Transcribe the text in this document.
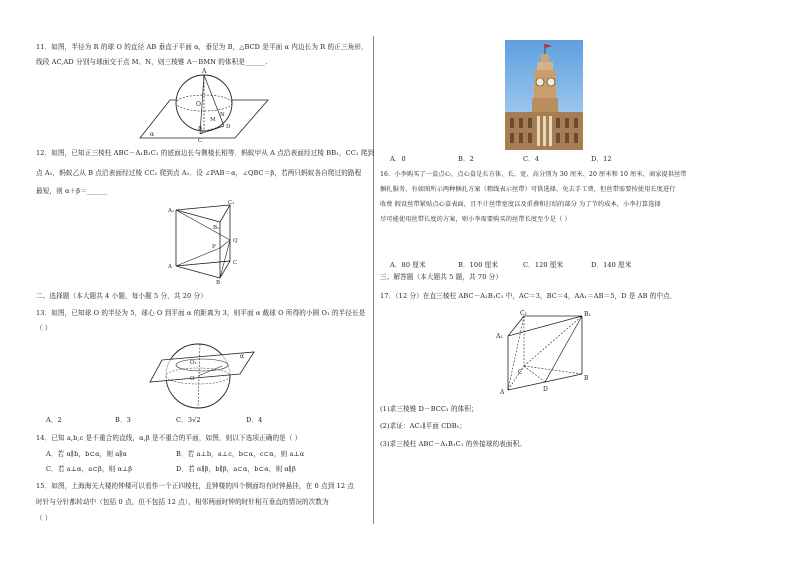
11．如图，半径为 R 的球 O 的直径 AB 垂直于平面 α，垂足为 B，△BCD 是平面 α 内边长为 R 的正三角形，
线段 AC,AD 分别与球面交于点 M、N，则三棱锥 A－BMN 的体积是______.
A
O
M
N
D
B
C
α
12．如图，已知正三棱柱 ABC－A₁B₁C₁ 的底面边长与侧棱长相等．蚂蚁甲从 A 点沿表面经过棱 BB₁，CC₁ 爬到
点 A₁，蚂蚁乙从 B 点沿表面经过棱 CC₁ 爬到点 A₁．设 ∠PAB＝α，∠QBC＝β，若两只蚂蚁各自爬过的路程
最短，则 α＋β＝______
C₁
A₁
B₁
P
Q
A
B
C
二、选择题（本大题共 4 小题，每小题 5 分，共 20 分）
13．如图，已知球 O 的半径为 5，球心 O 到平面 α 的距离为 3，则平面 α 截球 O 所得的小圆 O₁ 的半径长是
（ ）
O₁
O
α
A．2	B．3	C．3√2	D．4
14．已知 a,b,c 是不重合的直线，α,β 是不重合的平面，如图，则以下选项正确的是（ ）
A．若 α∥b，b⊂α，则 a∥α	B．若 a⊥b，a⊥c，b⊂α，c⊂α，则 a⊥α
C．若 a⊥α，a⊂β，则 α⊥β	D．若 α∥β，b∥β，a⊂α，b⊂α，则 α∥β
15．如图，上海海关大楼的钟楼可以看作一个正四棱柱，且钟楼的四个侧面均有时钟悬挂，在 0 点到 12 点
时针与分针都转动中（包括 0 点，但不包括 12 点），相邻两面时钟的时针相互垂直的情况的次数为
（ ）
A．0	B．2	C．4	D．12
16．小李购买了一盒点心，点心盒是长方体，长、宽、高分别为 30 厘米、20 厘米和 10 厘米，商家提供丝带
捆扎服务，有如图所示两种捆扎方案（粗线表示丝带）可供选择，免去手工费，但丝带需要按使用长度进行
收费 假设丝带紧贴点心盒表面，且不计丝带宽度以及重叠和打结的部分 为了节约成本，小李打算选择
尽可能使用丝带长度的方案，则小李需要购买的丝带长度至少是（ ）
A．80 厘米	B．100 厘米	C．120 厘米	D．140 厘米
三、解答题（本大题共 5 题，共 70 分）
17．（12 分）在直三棱柱 ABC－A₁B₁C₁ 中，AC＝3，BC＝4，AA₁＝AB＝5，D 是 AB 的中点．
C₁	B₁
A₁
C
B
A	D
(1)求三棱锥 D－BCC₁ 的体积；
(2)求证：AC₁∥平面 CDB₁；
(3)求三棱柱 ABC－A₁B₁C₁ 的外接球的表面积。
